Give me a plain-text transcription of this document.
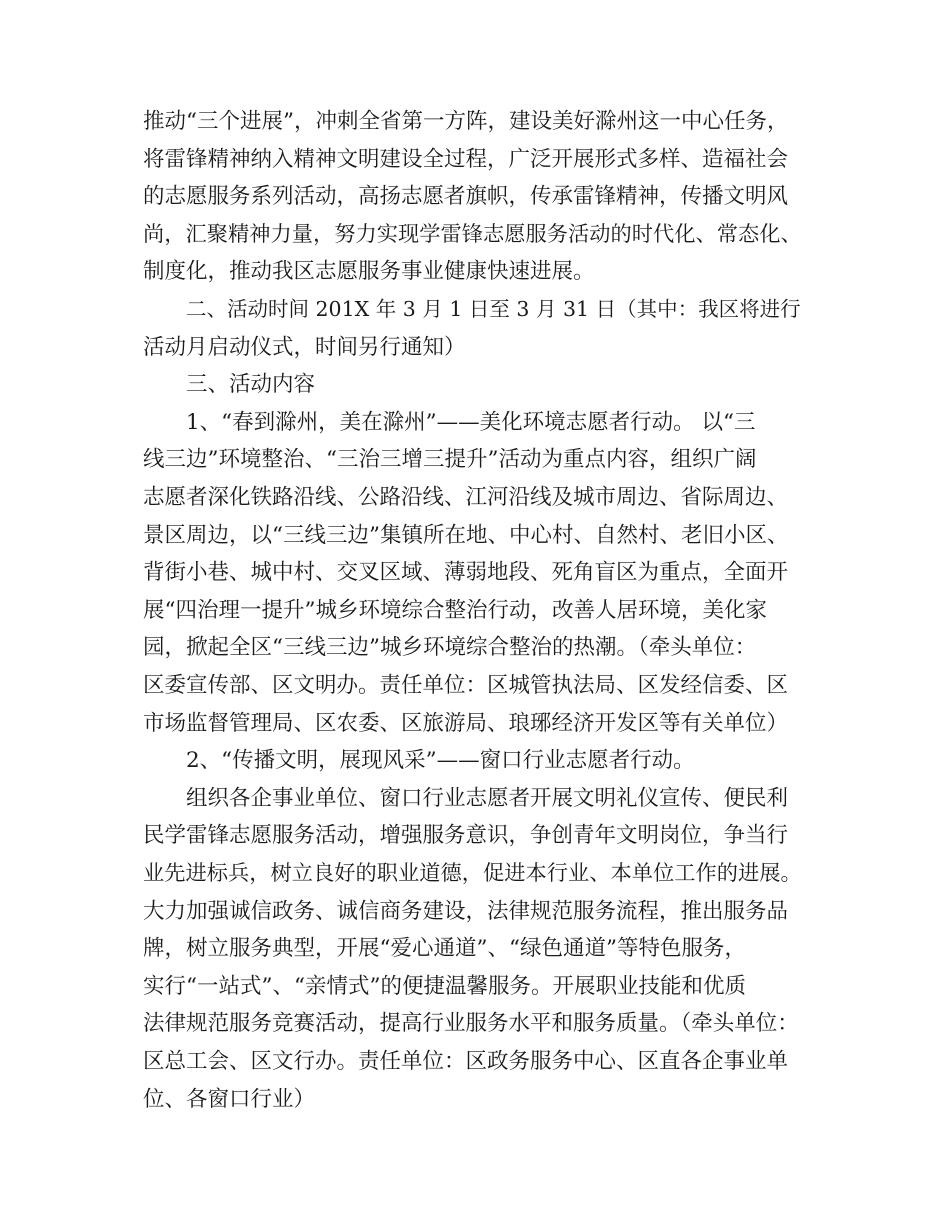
推动“三个进展”，冲刺全省第一方阵，建设美好滁州这一中心任务，
将雷锋精神纳入精神文明建设全过程，广泛开展形式多样、造福社会
的志愿服务系列活动，高扬志愿者旗帜，传承雷锋精神，传播文明风
尚，汇聚精神力量，努力实现学雷锋志愿服务活动的时代化、常态化、
制度化，推动我区志愿服务事业健康快速进展。
二、活动时间 201X 年 3 月 1 日至 3 月 31 日（其中：我区将进行
活动月启动仪式，时间另行通知）
三、活动内容
1、“春到滁州，美在滁州”——美化环境志愿者行动。 以“三
线三边”环境整治、“三治三增三提升”活动为重点内容，组织广阔
志愿者深化铁路沿线、公路沿线、江河沿线及城市周边、省际周边、
景区周边，以“三线三边”集镇所在地、中心村、自然村、老旧小区、
背街小巷、城中村、交叉区域、薄弱地段、死角盲区为重点，全面开
展“四治理一提升”城乡环境综合整治行动，改善人居环境，美化家
园，掀起全区“三线三边”城乡环境综合整治的热潮。（牵头单位：
区委宣传部、区文明办。责任单位：区城管执法局、区发经信委、区
市场监督管理局、区农委、区旅游局、琅琊经济开发区等有关单位）
2、“传播文明，展现风采”——窗口行业志愿者行动。
组织各企事业单位、窗口行业志愿者开展文明礼仪宣传、便民利
民学雷锋志愿服务活动，增强服务意识，争创青年文明岗位，争当行
业先进标兵，树立良好的职业道德，促进本行业、本单位工作的进展。
大力加强诚信政务、诚信商务建设，法律规范服务流程，推出服务品
牌，树立服务典型，开展“爱心通道”、“绿色通道”等特色服务，
实行“一站式”、“亲情式”的便捷温馨服务。开展职业技能和优质
法律规范服务竞赛活动，提高行业服务水平和服务质量。（牵头单位：
区总工会、区文行办。责任单位：区政务服务中心、区直各企事业单
位、各窗口行业）
